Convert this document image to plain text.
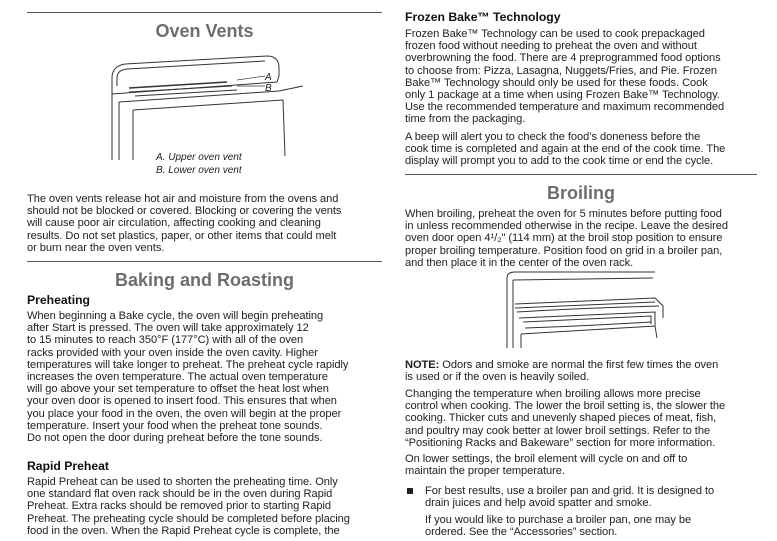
Oven Vents
A
B
A. Upper oven vent
B. Lower oven vent
The oven vents release hot air and moisture from the ovens and
should not be blocked or covered. Blocking or covering the vents
will cause poor air circulation, affecting cooking and cleaning
results. Do not set plastics, paper, or other items that could melt
or burn near the oven vents.
Baking and Roasting
Preheating
When beginning a Bake cycle, the oven will begin preheating
after Start is pressed. The oven will take approximately 12
to 15 minutes to reach 350°F (177°C) with all of the oven
racks provided with your oven inside the oven cavity. Higher
temperatures will take longer to preheat. The preheat cycle rapidly
increases the oven temperature. The actual oven temperature
will go above your set temperature to offset the heat lost when
your oven door is opened to insert food. This ensures that when
you place your food in the oven, the oven will begin at the proper
temperature. Insert your food when the preheat tone sounds.
Do not open the door during preheat before the tone sounds.
Rapid Preheat
Rapid Preheat can be used to shorten the preheating time. Only
one standard flat oven rack should be in the oven during Rapid
Preheat. Extra racks should be removed prior to starting Rapid
Preheat. The preheating cycle should be completed before placing
food in the oven. When the Rapid Preheat cycle is complete, the
Frozen Bake™ Technology
Frozen Bake™ Technology can be used to cook prepackaged
frozen food without needing to preheat the oven and without
overbrowning the food. There are 4 preprogrammed food options
to choose from: Pizza, Lasagna, Nuggets/Fries, and Pie. Frozen
Bake™ Technology should only be used for these foods. Cook
only 1 package at a time when using Frozen Bake™ Technology.
Use the recommended temperature and maximum recommended
time from the packaging.
A beep will alert you to check the food’s doneness before the
cook time is completed and again at the end of the cook time. The
display will prompt you to add to the cook time or end the cycle.
Broiling
When broiling, preheat the oven for 5 minutes before putting food
in unless recommended otherwise in the recipe. Leave the desired
oven door open 4¹/₂" (114 mm) at the broil stop position to ensure
proper broiling temperature. Position food on grid in a broiler pan,
and then place it in the center of the oven rack.
NOTE: Odors and smoke are normal the first few times the oven
is used or if the oven is heavily soiled.
Changing the temperature when broiling allows more precise
control when cooking. The lower the broil setting is, the slower the
cooking. Thicker cuts and unevenly shaped pieces of meat, fish,
and poultry may cook better at lower broil settings. Refer to the
“Positioning Racks and Bakeware” section for more information.
On lower settings, the broil element will cycle on and off to
maintain the proper temperature.
For best results, use a broiler pan and grid. It is designed to
drain juices and help avoid spatter and smoke.
If you would like to purchase a broiler pan, one may be
ordered. See the “Accessories” section.
